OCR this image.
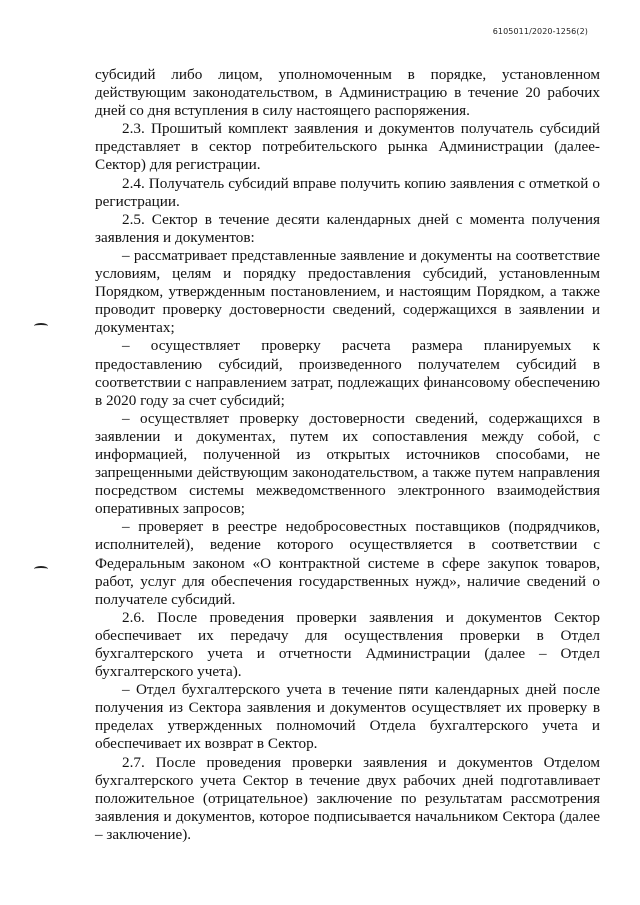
6105011/2020-1256(2)

субсидий либо лицом, уполномоченным в порядке, установленном действующим законодательством, в Администрацию в течение 20 рабочих дней со дня вступления в силу настоящего распоряжения.

2.3. Прошитый комплект заявления и документов получатель субсидий представляет в сектор потребительского рынка Администрации (далее- Сектор) для регистрации.

2.4. Получатель субсидий вправе получить копию заявления с отметкой о регистрации.

2.5. Сектор в течение десяти календарных дней с момента получения заявления и документов:

– рассматривает представленные заявление и документы на соответствие условиям, целям и порядку предоставления субсидий, установленным Порядком, утвержденным постановлением, и настоящим Порядком, а также проводит проверку достоверности сведений, содержащихся в заявлении и документах;

– осуществляет проверку расчета размера планируемых к предоставлению субсидий, произведенного получателем субсидий в соответствии с направлением затрат, подлежащих финансовому обеспечению в 2020 году за счет субсидий;

– осуществляет проверку достоверности сведений, содержащихся в заявлении и документах, путем их сопоставления между собой, с информацией, полученной из открытых источников способами, не запрещенными действующим законодательством, а также путем направления посредством системы межведомственного электронного взаимодействия оперативных запросов;

– проверяет в реестре недобросовестных поставщиков (подрядчиков, исполнителей), ведение которого осуществляется в соответствии с Федеральным законом «О контрактной системе в сфере закупок товаров, работ, услуг для обеспечения государственных нужд», наличие сведений о получателе субсидий.

2.6. После проведения проверки заявления и документов Сектор обеспечивает их передачу для осуществления проверки в Отдел бухгалтерского учета и отчетности Администрации (далее – Отдел бухгалтерского учета).

– Отдел бухгалтерского учета в течение пяти календарных дней после получения из Сектора заявления и документов осуществляет их проверку в пределах утвержденных полномочий Отдела бухгалтерского учета и обеспечивает их возврат в Сектор.

2.7. После проведения проверки заявления и документов Отделом бухгалтерского учета Сектор в течение двух рабочих дней подготавливает положительное (отрицательное) заключение по результатам рассмотрения заявления и документов, которое подписывается начальником Сектора (далее – заключение).
